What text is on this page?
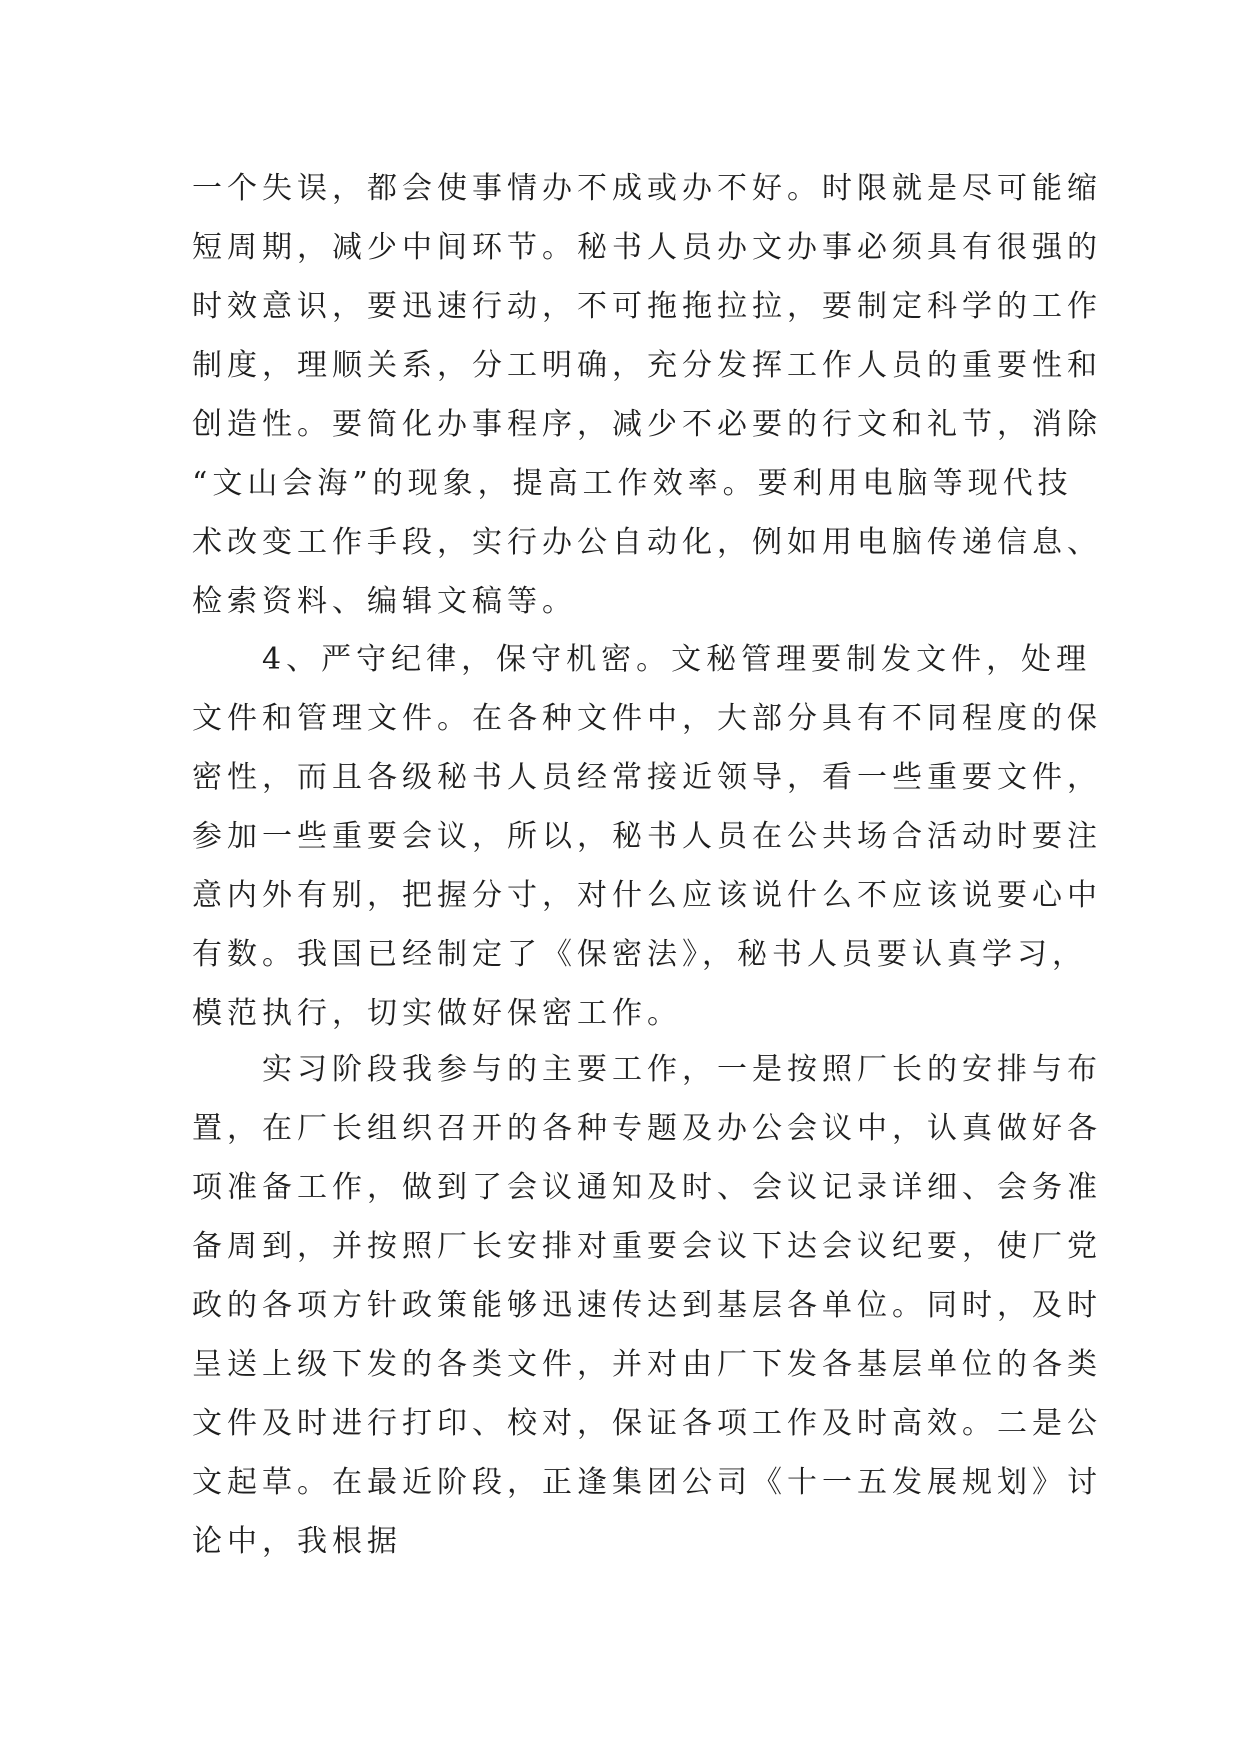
一个失误，都会使事情办不成或办不好。时限就是尽可能缩
短周期，减少中间环节。秘书人员办文办事必须具有很强的
时效意识，要迅速行动，不可拖拖拉拉，要制定科学的工作
制度，理顺关系，分工明确，充分发挥工作人员的重要性和
创造性。要简化办事程序，减少不必要的行文和礼节，消除
“文山会海”的现象，提高工作效率。要利用电脑等现代技
术改变工作手段，实行办公自动化，例如用电脑传递信息、
检索资料、编辑文稿等。
　　4、严守纪律，保守机密。文秘管理要制发文件，处理
文件和管理文件。在各种文件中，大部分具有不同程度的保
密性，而且各级秘书人员经常接近领导，看一些重要文件，
参加一些重要会议，所以，秘书人员在公共场合活动时要注
意内外有别，把握分寸，对什么应该说什么不应该说要心中
有数。我国已经制定了《保密法》，秘书人员要认真学习，
模范执行，切实做好保密工作。
　　实习阶段我参与的主要工作，一是按照厂长的安排与布
置，在厂长组织召开的各种专题及办公会议中，认真做好各
项准备工作，做到了会议通知及时、会议记录详细、会务准
备周到，并按照厂长安排对重要会议下达会议纪要，使厂党
政的各项方针政策能够迅速传达到基层各单位。同时，及时
呈送上级下发的各类文件，并对由厂下发各基层单位的各类
文件及时进行打印、校对，保证各项工作及时高效。二是公
文起草。在最近阶段，正逢集团公司《十一五发展规划》讨
论中，我根据
